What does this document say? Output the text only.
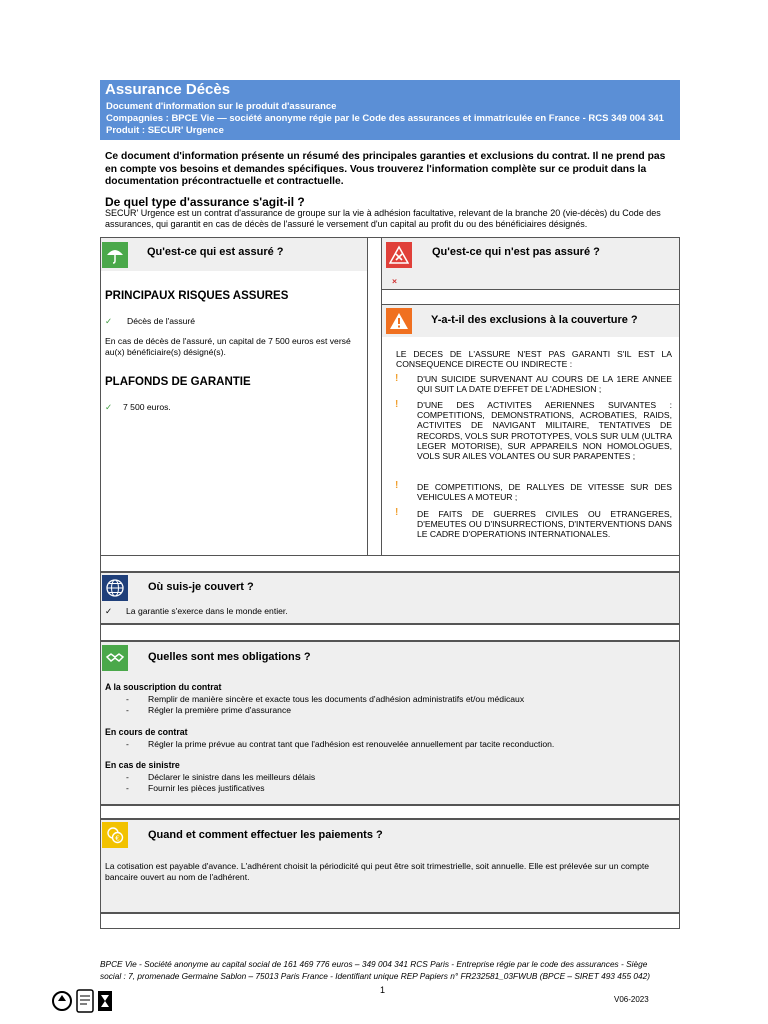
Assurance Décès
Document d'information sur le produit d'assurance
Compagnies : BPCE Vie — société anonyme régie par le Code des assurances et immatriculée en France - RCS 349 004 341
Produit : SECUR' Urgence
Ce document d'information présente un résumé des principales garanties et exclusions du contrat. Il ne prend pas en compte vos besoins et demandes spécifiques. Vous trouverez l'information complète sur ce produit dans la documentation précontractuelle et contractuelle.
De quel type d'assurance s'agit-il ?
SECUR' Urgence est un contrat d'assurance de groupe sur la vie à adhésion facultative, relevant de la branche 20 (vie-décès) du Code des assurances, qui garantit en cas de décès de l'assuré le versement d'un capital au profit du ou des bénéficiaires désignés.
Qu'est-ce qui est assuré ?
PRINCIPAUX RISQUES ASSURES
✓ Décès de l'assuré
En cas de décès de l'assuré, un capital de 7 500 euros est versé au(x) bénéficiaire(s) désigné(s).
PLAFONDS DE GARANTIE
✓ 7 500 euros.
Qu'est-ce qui n'est pas assuré ?
×
Y-a-t-il des exclusions à la couverture ?
LE DECES DE L'ASSURE N'EST PAS GARANTI S'IL EST LA CONSEQUENCE DIRECTE OU INDIRECTE :
! D'UN SUICIDE SURVENANT AU COURS DE LA 1ERE ANNEE QUI SUIT LA DATE D'EFFET DE L'ADHESION ;
! D'UNE DES ACTIVITES AERIENNES SUIVANTES : COMPETITIONS, DEMONSTRATIONS, ACROBATIES, RAIDS, ACTIVITES DE NAVIGANT MILITAIRE, TENTATIVES DE RECORDS, VOLS SUR PROTOTYPES, VOLS SUR ULM (ULTRA LEGER MOTORISE), SUR APPAREILS NON HOMOLOGUES, VOLS SUR AILES VOLANTES OU SUR PARAPENTES ;
! DE COMPETITIONS, DE RALLYES DE VITESSE SUR DES VEHICULES A MOTEUR ;
! DE FAITS DE GUERRES CIVILES OU ETRANGERES, D'EMEUTES OU D'INSURRECTIONS, D'INTERVENTIONS DANS LE CADRE D'OPERATIONS INTERNATIONALES.
Où suis-je couvert ?
✓ La garantie s'exerce dans le monde entier.
Quelles sont mes obligations ?
A la souscription du contrat
- Remplir de manière sincère et exacte tous les documents d'adhésion administratifs et/ou médicaux
- Régler la première prime d'assurance
En cours de contrat
- Régler la prime prévue au contrat tant que l'adhésion est renouvelée annuellement par tacite reconduction.
En cas de sinistre
- Déclarer le sinistre dans les meilleurs délais
- Fournir les pièces justificatives
€	Quand et comment effectuer les paiements ?
La cotisation est payable d'avance. L'adhérent choisit la périodicité qui peut être soit trimestrielle, soit annuelle. Elle est prélevée sur un compte bancaire ouvert au nom de l'adhérent.
BPCE Vie - Société anonyme au capital social de 161 469 776 euros – 349 004 341 RCS Paris - Entreprise régie par le code des assurances - Siège
social : 7, promenade Germaine Sablon – 75013 Paris France - Identifiant unique REP Papiers n° FR232581_03FWUB (BPCE – SIRET 493 455 042)
1
V06-2023
